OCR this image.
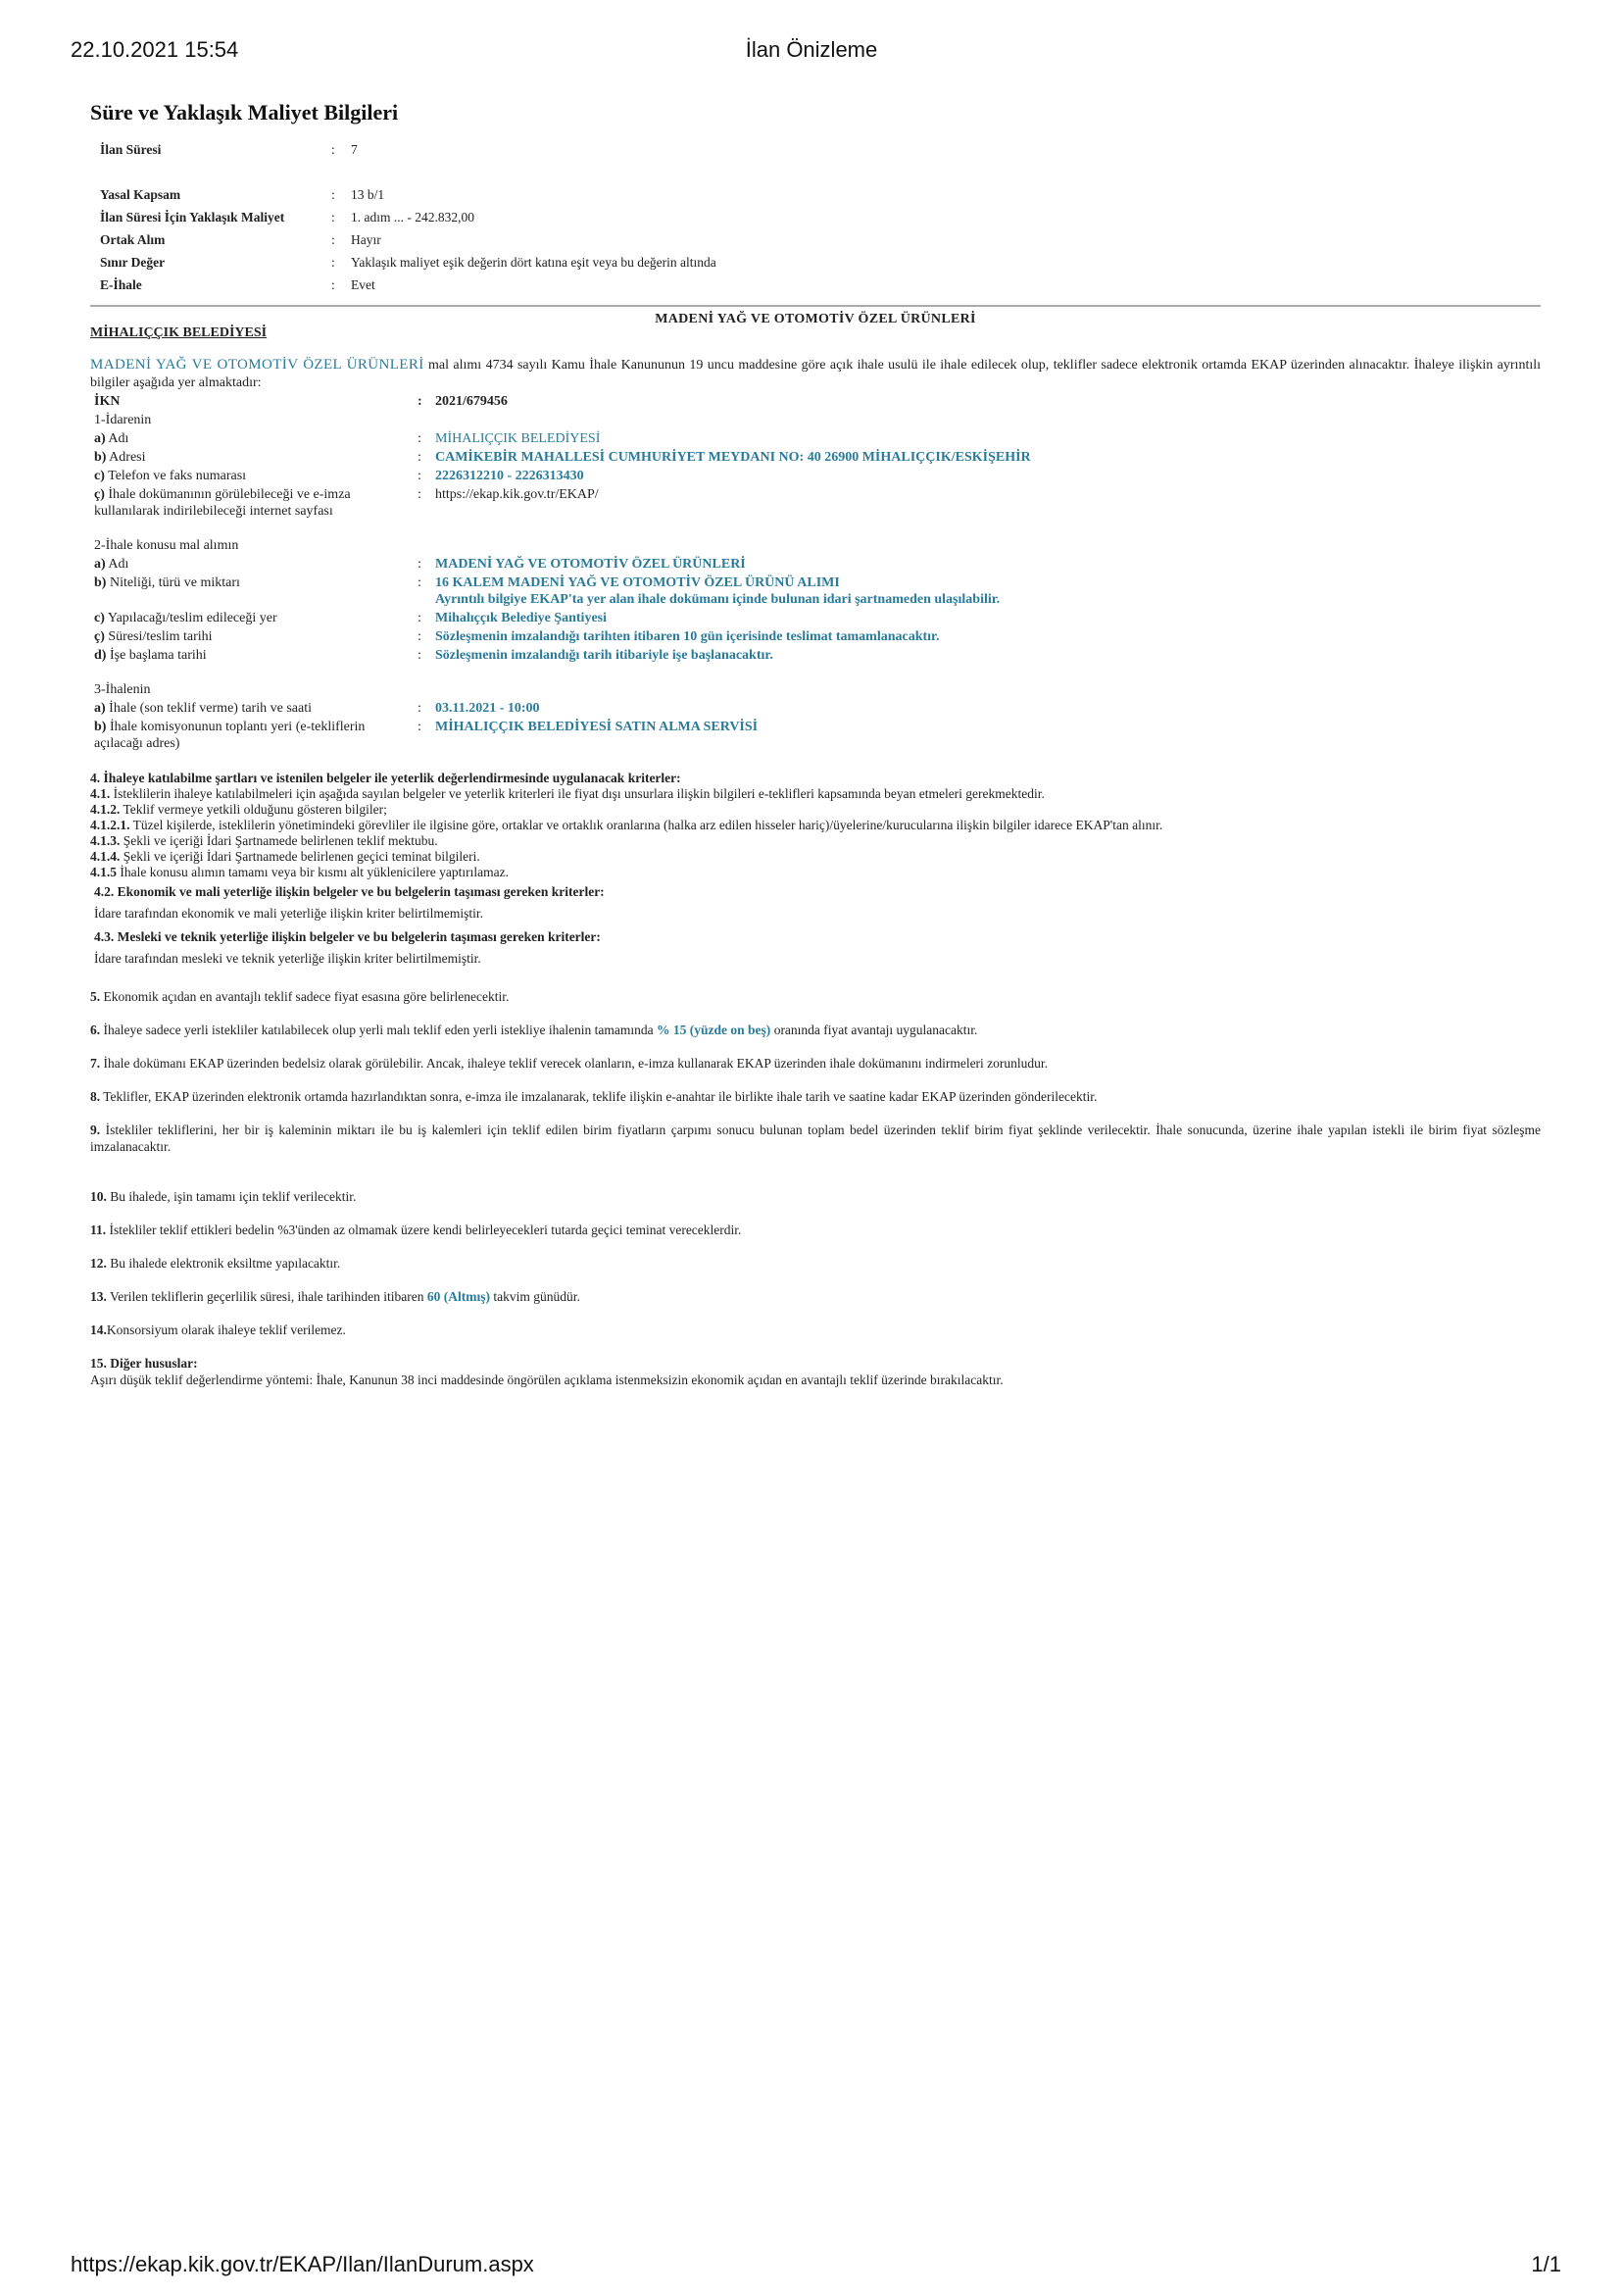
22.10.2021 15:54	İlan Önizleme
Süre ve Yaklaşık Maliyet Bilgileri
İlan Süresi	:	7

Yasal Kapsam	:	13 b/1
İlan Süresi İçin Yaklaşık Maliyet	:	1. adım ... - 242.832,00
Ortak Alım	:	Hayır
Sınır Değer	:	Yaklaşık maliyet eşik değerin dört katına eşit veya bu değerin altında
E-İhale	:	Evet
MADENİ YAĞ VE OTOMOTİV ÖZEL ÜRÜNLERİ
MİHALIÇÇIK BELEDİYESİ

MADENİ YAĞ VE OTOMOTİV ÖZEL ÜRÜNLERİ mal alımı 4734 sayılı Kamu İhale Kanununun 19 uncu maddesine göre açık ihale usulü ile ihale edilecek olup, teklifler sadece elektronik ortamda EKAP üzerinden alınacaktır. İhaleye ilişkin ayrıntılı bilgiler aşağıda yer almaktadır:

İKN	:	2021/679456
1-İdarenin		
a) Adı	:	MİHALIÇÇIK BELEDİYESİ
b) Adresi	:	CAMİKEBİR MAHALLESİ CUMHURİYET MEYDANI NO: 40 26900 MİHALIÇÇIK/ESKİŞEHİR
c) Telefon ve faks numarası	:	2226312210 - 2226313430
ç) İhale dokümanının görülebileceği ve e-imza kullanılarak indirilebileceği internet sayfası	:	https://ekap.kik.gov.tr/EKAP/

2-İhale konusu mal alımın		
a) Adı	:	MADENİ YAĞ VE OTOMOTİV ÖZEL ÜRÜNLERİ
b) Niteliği, türü ve miktarı	:	16 KALEM MADENİ YAĞ VE OTOMOTİV ÖZEL ÜRÜNÜ ALIMI
Ayrıntılı bilgiye EKAP'ta yer alan ihale dokümanı içinde bulunan idari şartnameden ulaşılabilir.

c) Yapılacağı/teslim edileceği yer	:	Mihalıççık Belediye Şantiyesi
ç) Süresi/teslim tarihi	:	Sözleşmenin imzalandığı tarihten itibaren 10 gün içerisinde teslimat tamamlanacaktır.
d) İşe başlama tarihi	:	Sözleşmenin imzalandığı tarih itibariyle işe başlanacaktır.

3-İhalenin		
a) İhale (son teklif verme) tarih ve saati	:	03.11.2021 - 10:00
b) İhale komisyonunun toplantı yeri (e-tekliflerin açılacağı adres)	:	MİHALIÇÇIK BELEDİYESİ SATIN ALMA SERVİSİ
4. İhaleye katılabilme şartları ve istenilen belgeler ile yeterlik değerlendirmesinde uygulanacak kriterler:
4.1. İsteklilerin ihaleye katılabilmeleri için aşağıda sayılan belgeler ve yeterlik kriterleri ile fiyat dışı unsurlara ilişkin bilgileri e-teklifleri kapsamında beyan etmeleri gerekmektedir.
4.1.2. Teklif vermeye yetkili olduğunu gösteren bilgiler;
4.1.2.1. Tüzel kişilerde, isteklilerin yönetimindeki görevliler ile ilgisine göre, ortaklar ve ortaklık oranlarına (halka arz edilen hisseler hariç)/üyelerine/kurucularına ilişkin bilgiler idarece EKAP'tan alınır.
4.1.3. Şekli ve içeriği İdari Şartnamede belirlenen teklif mektubu.
4.1.4. Şekli ve içeriği İdari Şartnamede belirlenen geçici teminat bilgileri.
4.1.5 İhale konusu alımın tamamı veya bir kısmı alt yüklenicilere yaptırılamaz.
4.2. Ekonomik ve mali yeterliğe ilişkin belgeler ve bu belgelerin taşıması gereken kriterler:
İdare tarafından ekonomik ve mali yeterliğe ilişkin kriter belirtilmemiştir.
4.3. Mesleki ve teknik yeterliğe ilişkin belgeler ve bu belgelerin taşıması gereken kriterler:
İdare tarafından mesleki ve teknik yeterliğe ilişkin kriter belirtilmemiştir.
5. Ekonomik açıdan en avantajlı teklif sadece fiyat esasına göre belirlenecektir.
6. İhaleye sadece yerli istekliler katılabilecek olup yerli malı teklif eden yerli istekliye ihalenin tamamında % 15 (yüzde on beş) oranında fiyat avantajı uygulanacaktır.
7. İhale dokümanı EKAP üzerinden bedelsiz olarak görülebilir. Ancak, ihaleye teklif verecek olanların, e-imza kullanarak EKAP üzerinden ihale dokümanını indirmeleri zorunludur.
8. Teklifler, EKAP üzerinden elektronik ortamda hazırlandıktan sonra, e-imza ile imzalanarak, teklife ilişkin e-anahtar ile birlikte ihale tarih ve saatine kadar EKAP üzerinden gönderilecektir.
9. İstekliler tekliflerini, her bir iş kaleminin miktarı ile bu iş kalemleri için teklif edilen birim fiyatların çarpımı sonucu bulunan toplam bedel üzerinden teklif birim fiyat şeklinde verilecektir. İhale sonucunda, üzerine ihale yapılan istekli ile birim fiyat sözleşme imzalanacaktır.
10. Bu ihalede, işin tamamı için teklif verilecektir.
11. İstekliler teklif ettikleri bedelin %3'ünden az olmamak üzere kendi belirleyecekleri tutarda geçici teminat vereceklerdir.
12. Bu ihalede elektronik eksiltme yapılacaktır.
13. Verilen tekliflerin geçerlilik süresi, ihale tarihinden itibaren 60 (Altmış) takvim günüdür.
14.Konsorsiyum olarak ihaleye teklif verilemez.
15. Diğer hususlar:
Aşırı düşük teklif değerlendirme yöntemi: İhale, Kanunun 38 inci maddesinde öngörülen açıklama istenmeksizin ekonomik açıdan en avantajlı teklif üzerinde bırakılacaktır.
https://ekap.kik.gov.tr/EKAP/Ilan/IlanDurum.aspx	1/1
